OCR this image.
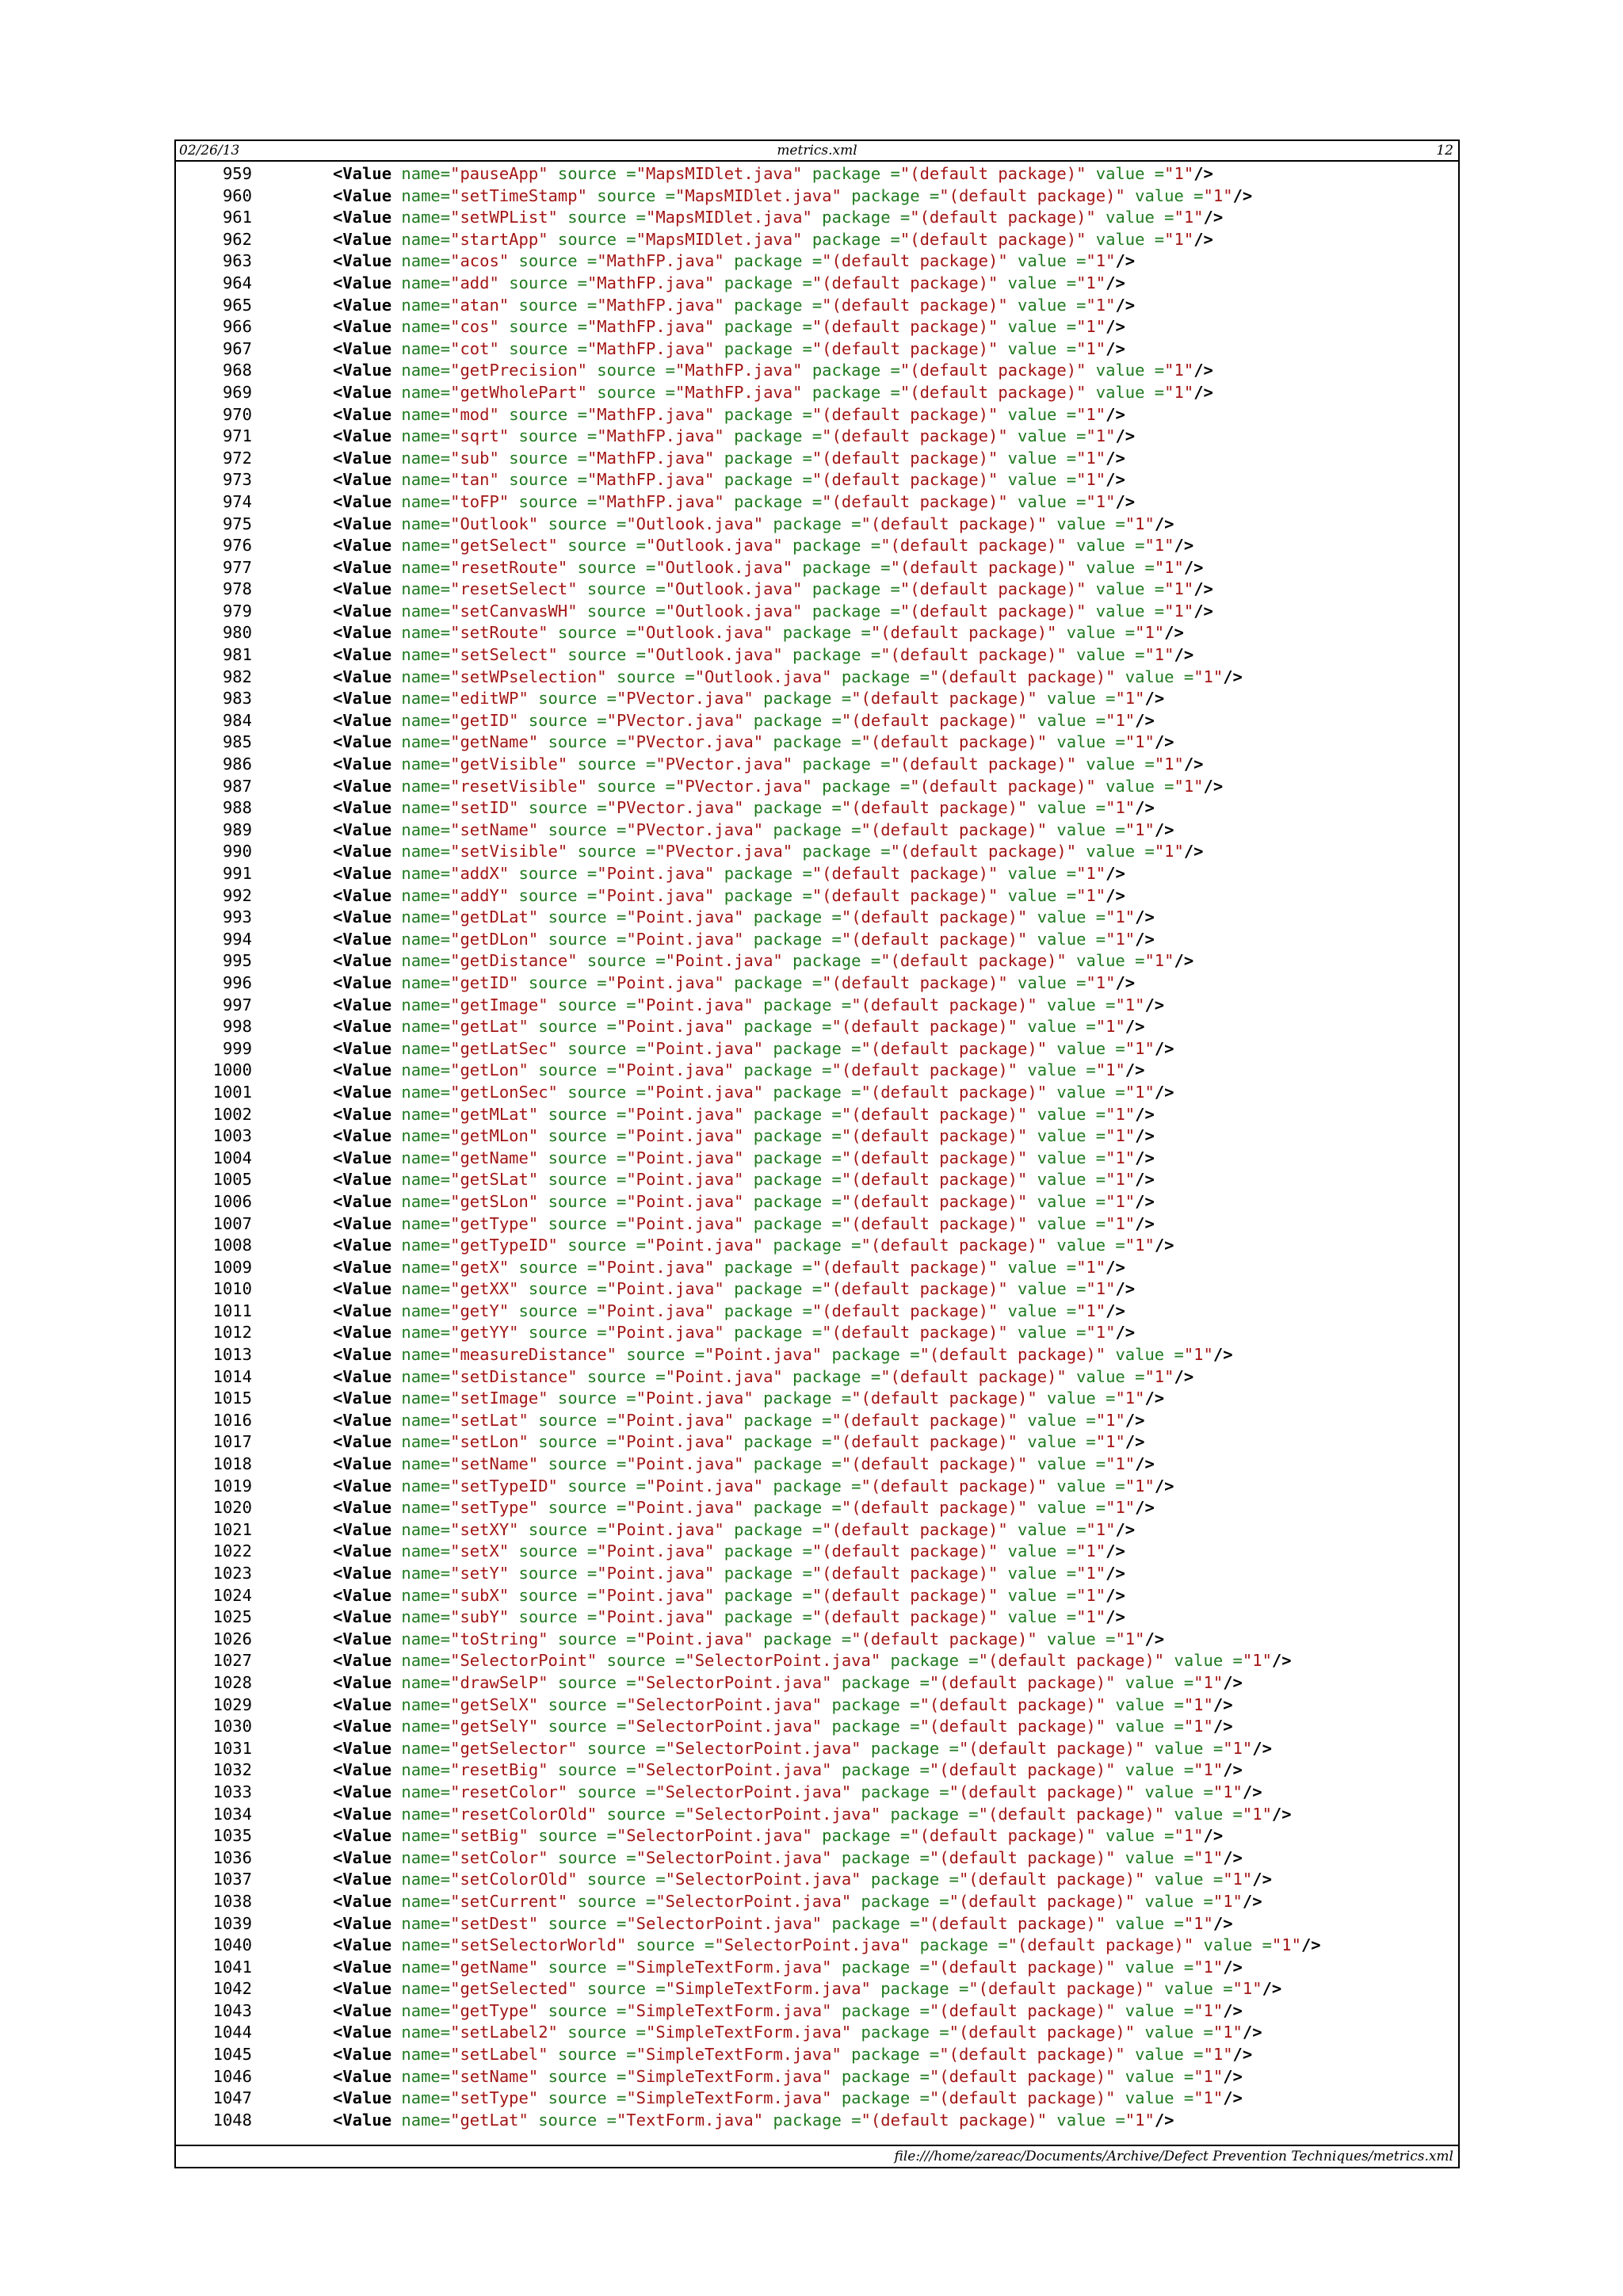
02/26/13	metrics.xml	12
959	<Value name="pauseApp" source ="MapsMIDlet.java" package ="(default package)" value ="1"/>
960	<Value name="setTimeStamp" source ="MapsMIDlet.java" package ="(default package)" value ="1"/>
961	<Value name="setWPList" source ="MapsMIDlet.java" package ="(default package)" value ="1"/>
962	<Value name="startApp" source ="MapsMIDlet.java" package ="(default package)" value ="1"/>
963	<Value name="acos" source ="MathFP.java" package ="(default package)" value ="1"/>
964	<Value name="add" source ="MathFP.java" package ="(default package)" value ="1"/>
965	<Value name="atan" source ="MathFP.java" package ="(default package)" value ="1"/>
966	<Value name="cos" source ="MathFP.java" package ="(default package)" value ="1"/>
967	<Value name="cot" source ="MathFP.java" package ="(default package)" value ="1"/>
968	<Value name="getPrecision" source ="MathFP.java" package ="(default package)" value ="1"/>
969	<Value name="getWholePart" source ="MathFP.java" package ="(default package)" value ="1"/>
970	<Value name="mod" source ="MathFP.java" package ="(default package)" value ="1"/>
971	<Value name="sqrt" source ="MathFP.java" package ="(default package)" value ="1"/>
972	<Value name="sub" source ="MathFP.java" package ="(default package)" value ="1"/>
973	<Value name="tan" source ="MathFP.java" package ="(default package)" value ="1"/>
974	<Value name="toFP" source ="MathFP.java" package ="(default package)" value ="1"/>
975	<Value name="Outlook" source ="Outlook.java" package ="(default package)" value ="1"/>
976	<Value name="getSelect" source ="Outlook.java" package ="(default package)" value ="1"/>
977	<Value name="resetRoute" source ="Outlook.java" package ="(default package)" value ="1"/>
978	<Value name="resetSelect" source ="Outlook.java" package ="(default package)" value ="1"/>
979	<Value name="setCanvasWH" source ="Outlook.java" package ="(default package)" value ="1"/>
980	<Value name="setRoute" source ="Outlook.java" package ="(default package)" value ="1"/>
981	<Value name="setSelect" source ="Outlook.java" package ="(default package)" value ="1"/>
982	<Value name="setWPselection" source ="Outlook.java" package ="(default package)" value ="1"/>
983	<Value name="editWP" source ="PVector.java" package ="(default package)" value ="1"/>
984	<Value name="getID" source ="PVector.java" package ="(default package)" value ="1"/>
985	<Value name="getName" source ="PVector.java" package ="(default package)" value ="1"/>
986	<Value name="getVisible" source ="PVector.java" package ="(default package)" value ="1"/>
987	<Value name="resetVisible" source ="PVector.java" package ="(default package)" value ="1"/>
988	<Value name="setID" source ="PVector.java" package ="(default package)" value ="1"/>
989	<Value name="setName" source ="PVector.java" package ="(default package)" value ="1"/>
990	<Value name="setVisible" source ="PVector.java" package ="(default package)" value ="1"/>
991	<Value name="addX" source ="Point.java" package ="(default package)" value ="1"/>
992	<Value name="addY" source ="Point.java" package ="(default package)" value ="1"/>
993	<Value name="getDLat" source ="Point.java" package ="(default package)" value ="1"/>
994	<Value name="getDLon" source ="Point.java" package ="(default package)" value ="1"/>
995	<Value name="getDistance" source ="Point.java" package ="(default package)" value ="1"/>
996	<Value name="getID" source ="Point.java" package ="(default package)" value ="1"/>
997	<Value name="getImage" source ="Point.java" package ="(default package)" value ="1"/>
998	<Value name="getLat" source ="Point.java" package ="(default package)" value ="1"/>
999	<Value name="getLatSec" source ="Point.java" package ="(default package)" value ="1"/>
1000	<Value name="getLon" source ="Point.java" package ="(default package)" value ="1"/>
1001	<Value name="getLonSec" source ="Point.java" package ="(default package)" value ="1"/>
1002	<Value name="getMLat" source ="Point.java" package ="(default package)" value ="1"/>
1003	<Value name="getMLon" source ="Point.java" package ="(default package)" value ="1"/>
1004	<Value name="getName" source ="Point.java" package ="(default package)" value ="1"/>
1005	<Value name="getSLat" source ="Point.java" package ="(default package)" value ="1"/>
1006	<Value name="getSLon" source ="Point.java" package ="(default package)" value ="1"/>
1007	<Value name="getType" source ="Point.java" package ="(default package)" value ="1"/>
1008	<Value name="getTypeID" source ="Point.java" package ="(default package)" value ="1"/>
1009	<Value name="getX" source ="Point.java" package ="(default package)" value ="1"/>
1010	<Value name="getXX" source ="Point.java" package ="(default package)" value ="1"/>
1011	<Value name="getY" source ="Point.java" package ="(default package)" value ="1"/>
1012	<Value name="getYY" source ="Point.java" package ="(default package)" value ="1"/>
1013	<Value name="measureDistance" source ="Point.java" package ="(default package)" value ="1"/>
1014	<Value name="setDistance" source ="Point.java" package ="(default package)" value ="1"/>
1015	<Value name="setImage" source ="Point.java" package ="(default package)" value ="1"/>
1016	<Value name="setLat" source ="Point.java" package ="(default package)" value ="1"/>
1017	<Value name="setLon" source ="Point.java" package ="(default package)" value ="1"/>
1018	<Value name="setName" source ="Point.java" package ="(default package)" value ="1"/>
1019	<Value name="setTypeID" source ="Point.java" package ="(default package)" value ="1"/>
1020	<Value name="setType" source ="Point.java" package ="(default package)" value ="1"/>
1021	<Value name="setXY" source ="Point.java" package ="(default package)" value ="1"/>
1022	<Value name="setX" source ="Point.java" package ="(default package)" value ="1"/>
1023	<Value name="setY" source ="Point.java" package ="(default package)" value ="1"/>
1024	<Value name="subX" source ="Point.java" package ="(default package)" value ="1"/>
1025	<Value name="subY" source ="Point.java" package ="(default package)" value ="1"/>
1026	<Value name="toString" source ="Point.java" package ="(default package)" value ="1"/>
1027	<Value name="SelectorPoint" source ="SelectorPoint.java" package ="(default package)" value ="1"/>
1028	<Value name="drawSelP" source ="SelectorPoint.java" package ="(default package)" value ="1"/>
1029	<Value name="getSelX" source ="SelectorPoint.java" package ="(default package)" value ="1"/>
1030	<Value name="getSelY" source ="SelectorPoint.java" package ="(default package)" value ="1"/>
1031	<Value name="getSelector" source ="SelectorPoint.java" package ="(default package)" value ="1"/>
1032	<Value name="resetBig" source ="SelectorPoint.java" package ="(default package)" value ="1"/>
1033	<Value name="resetColor" source ="SelectorPoint.java" package ="(default package)" value ="1"/>
1034	<Value name="resetColorOld" source ="SelectorPoint.java" package ="(default package)" value ="1"/>
1035	<Value name="setBig" source ="SelectorPoint.java" package ="(default package)" value ="1"/>
1036	<Value name="setColor" source ="SelectorPoint.java" package ="(default package)" value ="1"/>
1037	<Value name="setColorOld" source ="SelectorPoint.java" package ="(default package)" value ="1"/>
1038	<Value name="setCurrent" source ="SelectorPoint.java" package ="(default package)" value ="1"/>
1039	<Value name="setDest" source ="SelectorPoint.java" package ="(default package)" value ="1"/>
1040	<Value name="setSelectorWorld" source ="SelectorPoint.java" package ="(default package)" value ="1"/>
1041	<Value name="getName" source ="SimpleTextForm.java" package ="(default package)" value ="1"/>
1042	<Value name="getSelected" source ="SimpleTextForm.java" package ="(default package)" value ="1"/>
1043	<Value name="getType" source ="SimpleTextForm.java" package ="(default package)" value ="1"/>
1044	<Value name="setLabel2" source ="SimpleTextForm.java" package ="(default package)" value ="1"/>
1045	<Value name="setLabel" source ="SimpleTextForm.java" package ="(default package)" value ="1"/>
1046	<Value name="setName" source ="SimpleTextForm.java" package ="(default package)" value ="1"/>
1047	<Value name="setType" source ="SimpleTextForm.java" package ="(default package)" value ="1"/>
1048	<Value name="getLat" source ="TextForm.java" package ="(default package)" value ="1"/>
file:///home/zareac/Documents/Archive/Defect Prevention Techniques/metrics.xml
